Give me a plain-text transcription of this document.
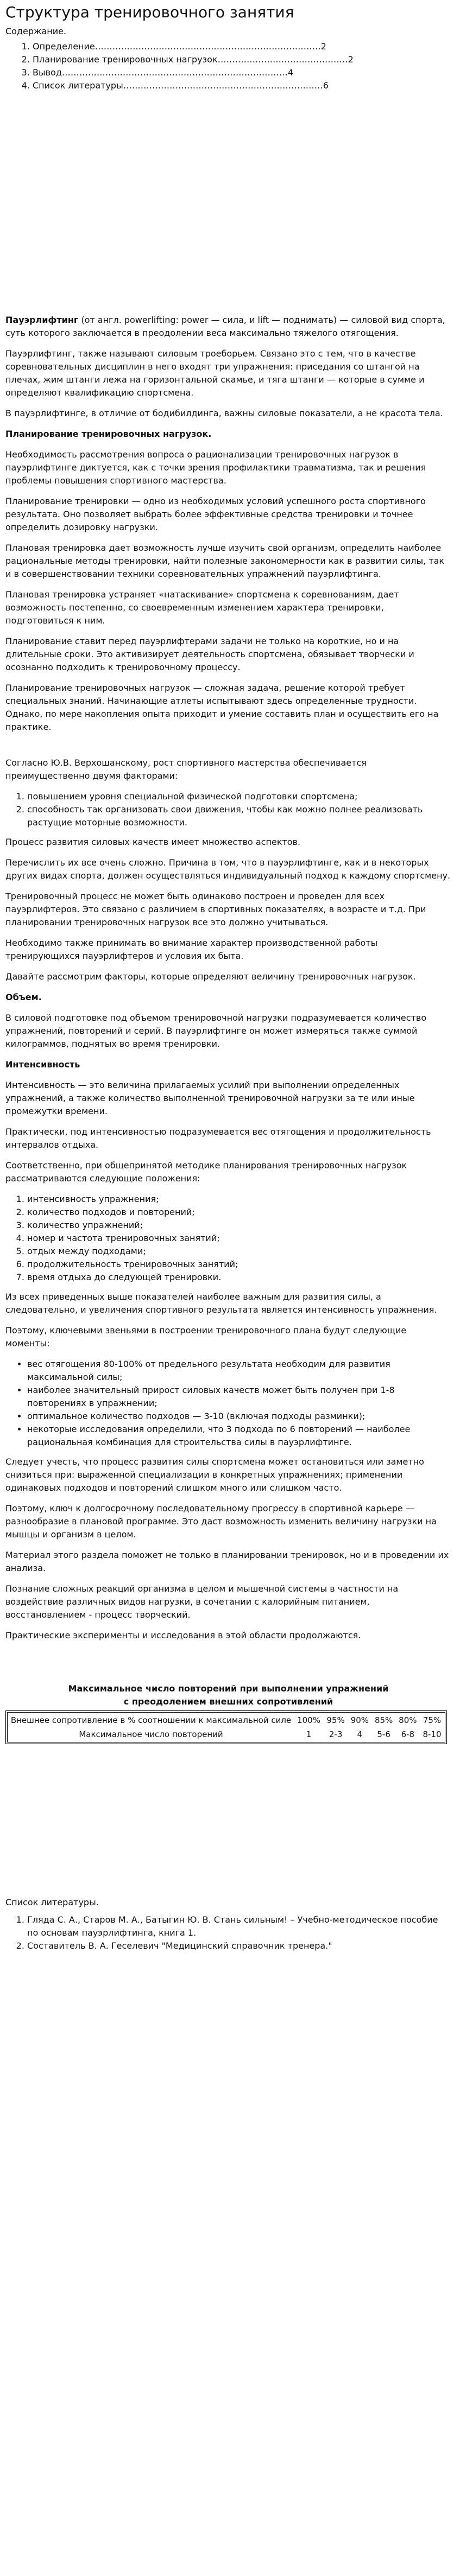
Структура тренировочного занятия

Содержание.

1. Определение……………………………………………………………………2
2. Планирование тренировочных нагрузок………………………………………2
3. Вывод……………………………………………………………………4
4. Список литературы……………………………………………………………6

Пауэрлифтинг (от англ. powerlifting: power — сила, и lift — поднимать) — силовой вид спорта, суть которого заключается в преодолении веса максимально тяжелого отягощения.

Пауэрлифтинг, также называют силовым троеборьем. Связано это с тем, что в качестве соревновательных дисциплин в него входят три упражнения: приседания со штангой на плечах, жим штанги лежа на горизонтальной скамье, и тяга штанги — которые в сумме и определяют квалификацию спортсмена.

В пауэрлифтинге, в отличие от бодибилдинга, важны силовые показатели, а не красота тела.

Планирование тренировочных нагрузок.

Необходимость рассмотрения вопроса о рационализации тренировочных нагрузок в пауэрлифтинге диктуется, как с точки зрения профилактики травматизма, так и решения проблемы повышения спортивного мастерства.

Планирование тренировки — одно из необходимых условий успешного роста спортивного результата. Оно позволяет выбрать более эффективные средства тренировки и точнее определить дозировку нагрузки.

Плановая тренировка дает возможность лучше изучить свой организм, определить наиболее рациональные методы тренировки, найти полезные закономерности как в развитии силы, так и в совершенствовании техники соревновательных упражнений пауэрлифтинга.

Плановая тренировка устраняет «натаскивание» спортсмена к соревнованиям, дает возможность постепенно, со своевременным изменением характера тренировки, подготовиться к ним.

Планирование ставит перед пауэрлифтерами задачи не только на короткие, но и на длительные сроки. Это активизирует деятельность спортсмена, обязывает творчески и осознанно подходить к тренировочному процессу.

Планирование тренировочных нагрузок — сложная задача, решение которой требует специальных знаний. Начинающие атлеты испытывают здесь определенные трудности. Однако, по мере накопления опыта приходит и умение составить план и осуществить его на практике.

Согласно Ю.В. Верхошанскому, рост спортивного мастерства обеспечивается преимущественно двумя факторами:

1. повышением уровня специальной физической подготовки спортсмена;
2. способность так организовать свои движения, чтобы как можно полнее реализовать растущие моторные возможности.

Процесс развития силовых качеств имеет множество аспектов.

Перечислить их все очень сложно. Причина в том, что в пауэрлифтинге, как и в некоторых других видах спорта, должен осуществляться индивидуальный подход к каждому спортсмену.

Тренировочный процесс не может быть одинаково построен и проведен для всех пауэрлифтеров. Это связано с различием в спортивных показателях, в возрасте и т.д. При планировании тренировочных нагрузок все это должно учитываться.

Необходимо также принимать во внимание характер производственной работы тренирующихся пауэрлифтеров и условия их быта.

Давайте рассмотрим факторы, которые определяют величину тренировочных нагрузок.

Объем.

В силовой подготовке под объемом тренировочной нагрузки подразумевается количество упражнений, повторений и серий. В пауэрлифтинге он может измеряться также суммой килограммов, поднятых во время тренировки.

Интенсивность

Интенсивность — это величина прилагаемых усилий при выполнении определенных упражнений, а также количество выполненной тренировочной нагрузки за те или иные промежутки времени.

Практически, под интенсивностью подразумевается вес отягощения и продолжительность интервалов отдыха.

Соответственно, при общепринятой методике планирования тренировочных нагрузок рассматриваются следующие положения:

1. интенсивность упражнения;
2. количество подходов и повторений;
3. количество упражнений;
4. номер и частота тренировочных занятий;
5. отдых между подходами;
6. продолжительность тренировочных занятий;
7. время отдыха до следующей тренировки.

Из всех приведенных выше показателей наиболее важным для развития силы, а следовательно, и увеличения спортивного результата является интенсивность упражнения.

Поэтому, ключевыми звеньями в построении тренировочного плана будут следующие моменты:

• вес отягощения 80-100% от предельного результата необходим для развития максимальной силы;
• наиболее значительный прирост силовых качеств может быть получен при 1-8 повторениях в упражнении;
• оптимальное количество подходов — 3-10 (включая подходы разминки);
• некоторые исследования определили, что 3 подхода по 6 повторений — наиболее рациональная комбинация для строительства силы в пауэрлифтинге.

Следует учесть, что процесс развития силы спортсмена может остановиться или заметно снизиться при: выраженной специализации в конкретных упражнениях; применении одинаковых подходов и повторений слишком много или слишком часто.

Поэтому, ключ к долгосрочному последовательному прогрессу в спортивной карьере — разнообразие в плановой программе. Это даст возможность изменить величину нагрузки на мышцы и организм в целом.

Материал этого раздела поможет не только в планировании тренировок, но и в проведении их анализа.

Познание сложных реакций организма в целом и мышечной системы в частности на воздействие различных видов нагрузки, в сочетании с калорийным питанием, восстановлением - процесс творческий.

Практические эксперименты и исследования в этой области продолжаются.

Максимальное число повторений при выполнении упражнений
с преодолением внешних сопротивлений
Внешнее сопротивление в % соотношении к максимальной силе	100%	95%	90%	85%	80%	75%
Максимальное число повторений	1	2-3	4	5-6	6-8	8-10

Список литературы.

1. Гляда С. А., Старов М. А., Батыгин Ю. В. Стань сильным! – Учебно-методическое пособие по основам пауэрлифтинга, книга 1.
2. Составитель В. А. Геселевич "Медицинский справочник тренера."
